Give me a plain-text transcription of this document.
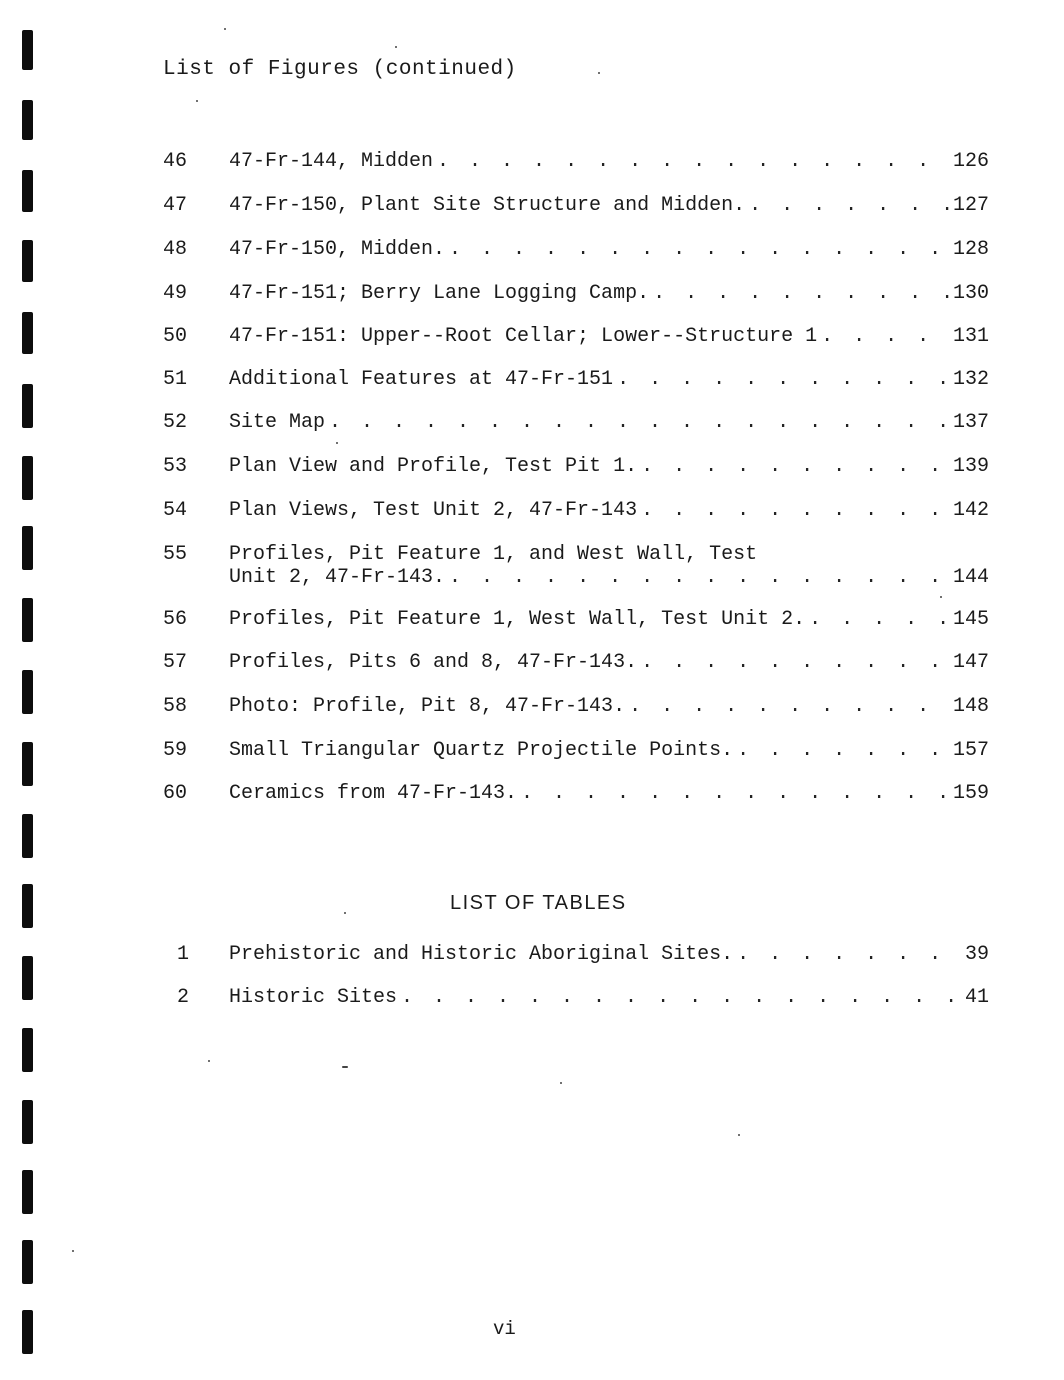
List of Figures (continued)
46 47-Fr-144, Midden . . .	126
47 47-Fr-150, Plant Site Structure and Midden. . . .	127
48 47-Fr-150, Midden. . . .	128
49 47-Fr-151; Berry Lane Logging Camp. . . .	130
50 47-Fr-151: Upper--Root Cellar; Lower--Structure 1 . . .	131
51 Additional Features at 47-Fr-151 . . .	132
52 Site Map . . .	137
53 Plan View and Profile, Test Pit 1. . . .	139
54 Plan Views, Test Unit 2, 47-Fr-143 . . .	142
55 Profiles, Pit Feature 1, and West Wall, Test
Unit 2, 47-Fr-143. . . .	144
56 Profiles, Pit Feature 1, West Wall, Test Unit 2. . . .	145
57 Profiles, Pits 6 and 8, 47-Fr-143. . . .	147
58 Photo: Profile, Pit 8, 47-Fr-143. . . .	148
59 Small Triangular Quartz Projectile Points. . . .	157
60 Ceramics from 47-Fr-143. . . .	159
LIST OF TABLES
1 Prehistoric and Historic Aboriginal Sites. . . .	39
2 Historic Sites . . .	41
vi
